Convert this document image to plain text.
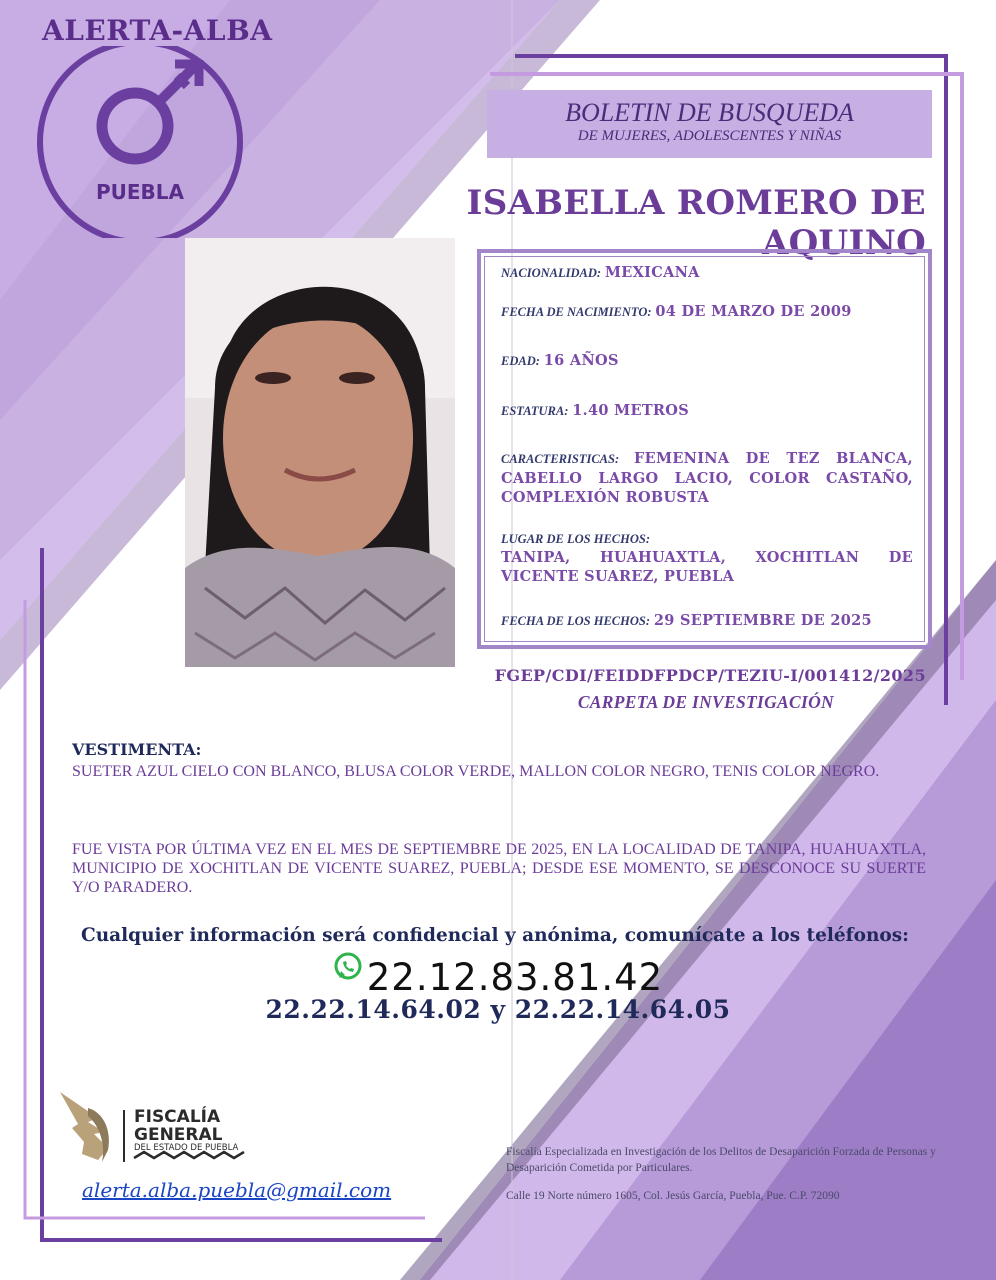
ALERTA-ALBA
PUEBLA
BOLETIN DE BUSQUEDA
DE MUJERES, ADOLESCENTES Y NIÑAS
ISABELLA ROMERO DE AQUINO
NACIONALIDAD: MEXICANA
FECHA DE NACIMIENTO: 04 DE MARZO DE 2009
EDAD: 16 AÑOS
ESTATURA: 1.40 METROS
CARACTERISTICAS: FEMENINA DE TEZ BLANCA,
CABELLO LARGO LACIO, COLOR CASTAÑO,
COMPLEXIÓN ROBUSTA
LUGAR DE LOS HECHOS:
TANIPA, HUAHUAXTLA, XOCHITLAN DE
VICENTE SUAREZ, PUEBLA
FECHA DE LOS HECHOS: 29 SEPTIEMBRE DE 2025
FGEP/CDI/FEIDDFPDCP/TEZIU-I/001412/2025
CARPETA DE INVESTIGACIÓN
VESTIMENTA:
SUETER AZUL CIELO CON BLANCO, BLUSA COLOR VERDE, MALLON COLOR NEGRO, TENIS COLOR NEGRO.
FUE VISTA POR ÚLTIMA VEZ EN EL MES DE SEPTIEMBRE DE 2025, EN LA LOCALIDAD DE TANIPA, HUAHUAXTLA, MUNICIPIO DE XOCHITLAN DE VICENTE SUAREZ, PUEBLA; DESDE ESE MOMENTO, SE DESCONOCE SU SUERTE Y/O PARADERO.
Cualquier información será confidencial y anónima, comunícate a los teléfonos:
22.12.83.81.42
22.22.14.64.02 y 22.22.14.64.05
FISCALÍA
GENERAL
DEL ESTADO DE PUEBLA
alerta.alba.puebla@gmail.com
Fiscalía Especializada en Investigación de los Delitos de Desaparición Forzada de Personas y Desaparición Cometida por Particulares.
Calle 19 Norte número 1605, Col. Jesús García, Puebla, Pue. C.P. 72090
